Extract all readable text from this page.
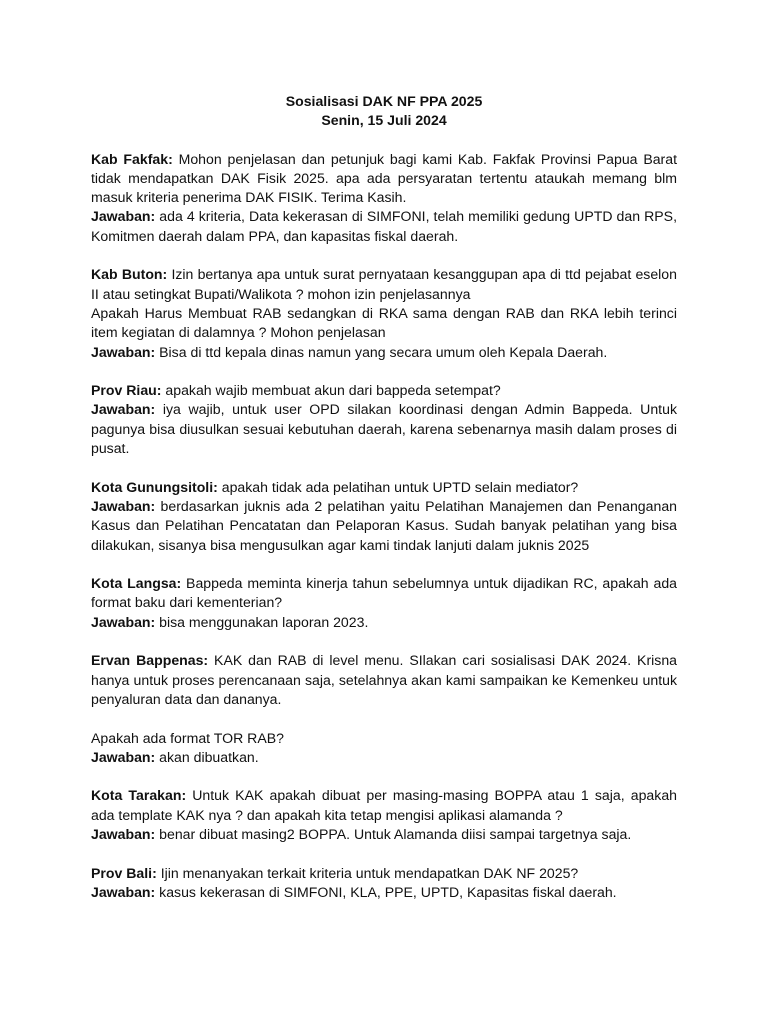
Sosialisasi DAK NF PPA 2025

Senin, 15 Juli 2024

Kab Fakfak: Mohon penjelasan dan petunjuk bagi kami Kab. Fakfak Provinsi Papua Barat tidak mendapatkan DAK Fisik 2025. apa ada persyaratan tertentu ataukah memang blm masuk kriteria penerima DAK FISIK. Terima Kasih.

Jawaban: ada 4 kriteria, Data kekerasan di SIMFONI, telah memiliki gedung UPTD dan RPS, Komitmen daerah dalam PPA, dan kapasitas fiskal daerah.

Kab Buton: Izin bertanya apa untuk surat pernyataan kesanggupan apa di ttd pejabat eselon II atau setingkat Bupati/Walikota ? mohon izin penjelasannya

Apakah Harus Membuat RAB sedangkan di RKA sama dengan RAB dan RKA lebih terinci item kegiatan di dalamnya ? Mohon penjelasan

Jawaban: Bisa di ttd kepala dinas namun yang secara umum oleh Kepala Daerah.

Prov Riau: apakah wajib membuat akun dari bappeda setempat?

Jawaban: iya wajib, untuk user OPD silakan koordinasi dengan Admin Bappeda. Untuk pagunya bisa diusulkan sesuai kebutuhan daerah, karena sebenarnya masih dalam proses di pusat.

Kota Gunungsitoli: apakah tidak ada pelatihan untuk UPTD selain mediator?

Jawaban: berdasarkan juknis ada 2 pelatihan yaitu Pelatihan Manajemen dan Penanganan Kasus dan Pelatihan Pencatatan dan Pelaporan Kasus. Sudah banyak pelatihan yang bisa dilakukan, sisanya bisa mengusulkan agar kami tindak lanjuti dalam juknis 2025

Kota Langsa: Bappeda meminta kinerja tahun sebelumnya untuk dijadikan RC, apakah ada format baku dari kementerian?

Jawaban: bisa menggunakan laporan 2023.

Ervan Bappenas: KAK dan RAB di level menu. SIlakan cari sosialisasi DAK 2024. Krisna hanya untuk proses perencanaan saja, setelahnya akan kami sampaikan ke Kemenkeu untuk penyaluran data dan dananya.

Apakah ada format TOR RAB?

Jawaban: akan dibuatkan.

Kota Tarakan: Untuk KAK apakah dibuat per masing-masing BOPPA atau 1 saja, apakah ada template KAK nya ? dan apakah kita tetap mengisi aplikasi alamanda ?

Jawaban: benar dibuat masing2 BOPPA. Untuk Alamanda diisi sampai targetnya saja.

Prov Bali: Ijin menanyakan terkait kriteria untuk mendapatkan DAK NF 2025?

Jawaban: kasus kekerasan di SIMFONI, KLA, PPE, UPTD, Kapasitas fiskal daerah.
